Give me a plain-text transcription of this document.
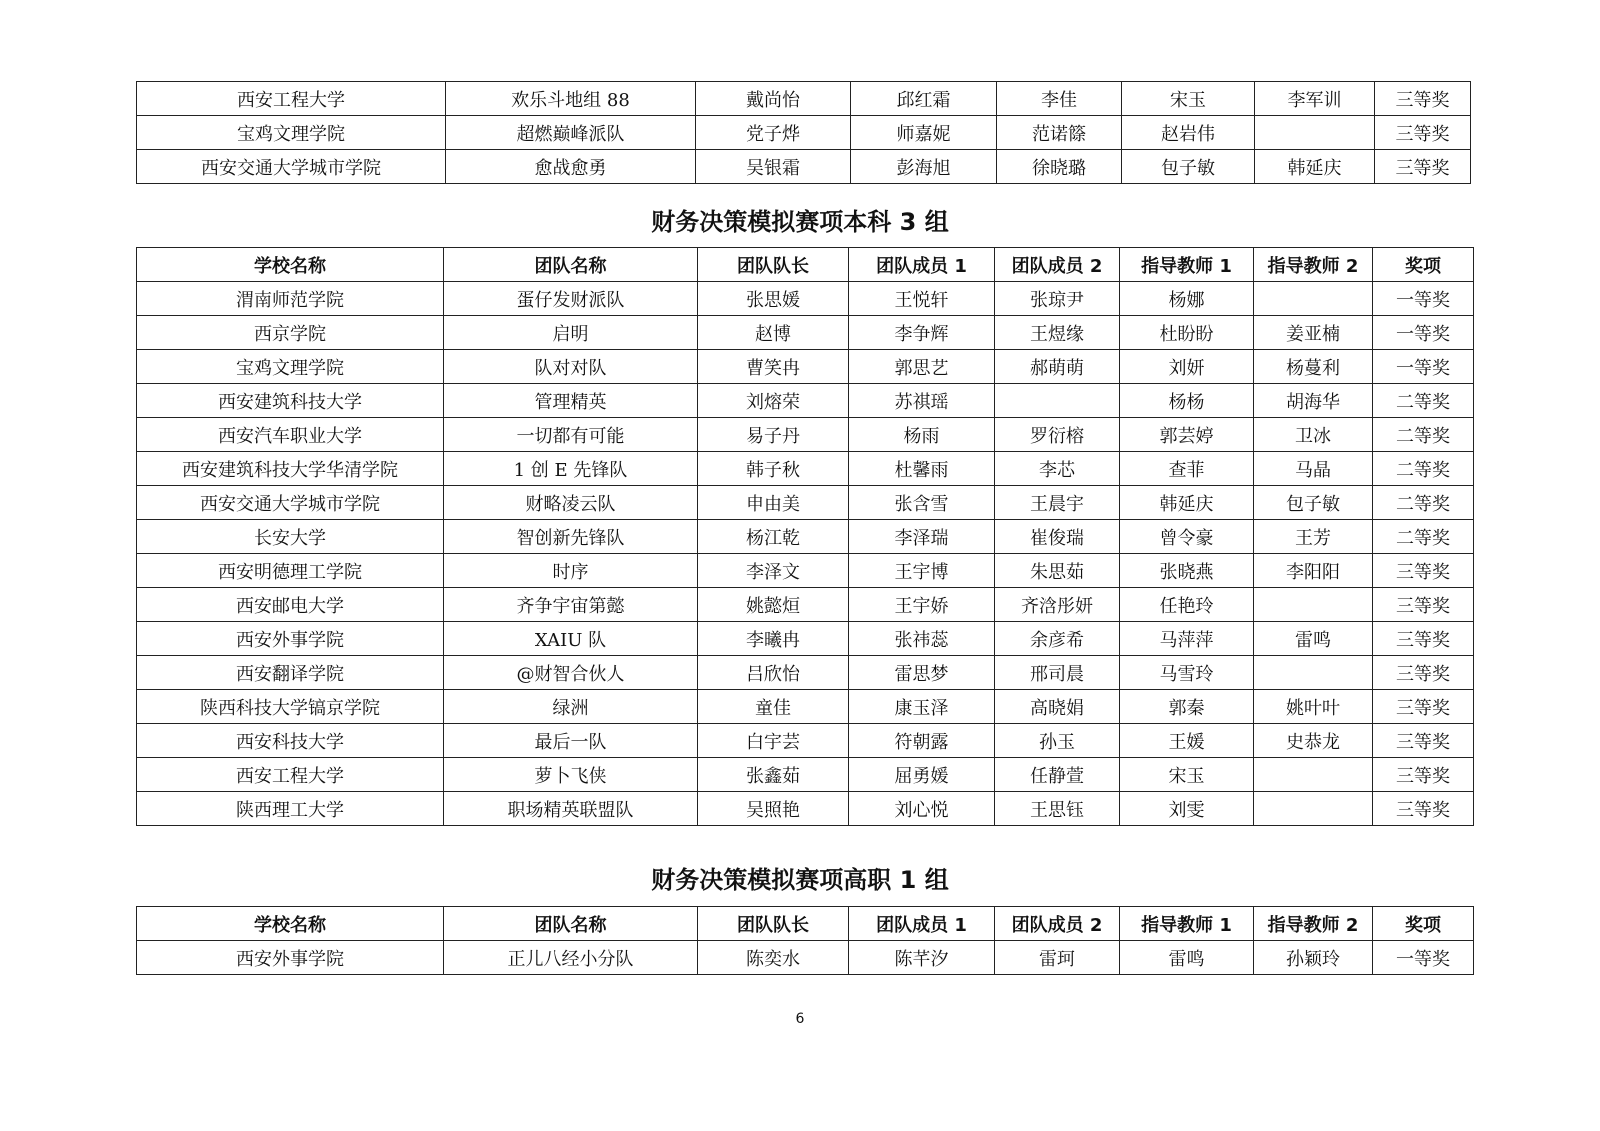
西安工程大学	欢乐斗地组 88	戴尚怡	邱红霜	李佳	宋玉	李军训	三等奖
宝鸡文理学院	超燃巅峰派队	党子烨	师嘉妮	范诺篨	赵岩伟		三等奖
西安交通大学城市学院	愈战愈勇	吴银霜	彭海旭	徐晓璐	包子敏	韩延庆	三等奖
财务决策模拟赛项本科 3 组
学校名称	团队名称	团队队长	团队成员 1	团队成员 2	指导教师 1	指导教师 2	奖项
渭南师范学院	蛋仔发财派队	张思媛	王悦轩	张琼尹	杨娜		一等奖
西京学院	启明	赵博	李争辉	王煜缘	杜盼盼	姜亚楠	一等奖
宝鸡文理学院	队对对队	曹笑冉	郭思艺	郝萌萌	刘妍	杨蔓利	一等奖
西安建筑科技大学	管理精英	刘熔荣	苏祺瑶		杨杨	胡海华	二等奖
西安汽车职业大学	一切都有可能	易子丹	杨雨	罗衍榕	郭芸婷	卫冰	二等奖
西安建筑科技大学华清学院	1 创 E 先锋队	韩子秋	杜馨雨	李芯	查菲	马晶	二等奖
西安交通大学城市学院	财略凌云队	申由美	张含雪	王晨宇	韩延庆	包子敏	二等奖
长安大学	智创新先锋队	杨江乾	李泽瑞	崔俊瑞	曾令豪	王芳	二等奖
西安明德理工学院	时序	李泽文	王宇博	朱思茹	张晓燕	李阳阳	三等奖
西安邮电大学	齐争宇宙第懿	姚懿烜	王宇娇	齐浛彤妍	任艳玲		三等奖
西安外事学院	XAIU 队	李曦冉	张祎蕊	余彦希	马萍萍	雷鸣	三等奖
西安翻译学院	@财智合伙人	吕欣怡	雷思梦	邢司晨	马雪玲		三等奖
陕西科技大学镐京学院	绿洲	童佳	康玉泽	高晓娟	郭秦	姚叶叶	三等奖
西安科技大学	最后一队	白宇芸	符朝露	孙玉	王媛	史恭龙	三等奖
西安工程大学	萝卜飞侠	张鑫茹	屈勇媛	任静萱	宋玉		三等奖
陕西理工大学	职场精英联盟队	吴照艳	刘心悦	王思钰	刘雯		三等奖
财务决策模拟赛项高职 1 组
学校名称	团队名称	团队队长	团队成员 1	团队成员 2	指导教师 1	指导教师 2	奖项
西安外事学院	正儿八经小分队	陈奕水	陈芊汐	雷珂	雷鸣	孙颖玲	一等奖
6
